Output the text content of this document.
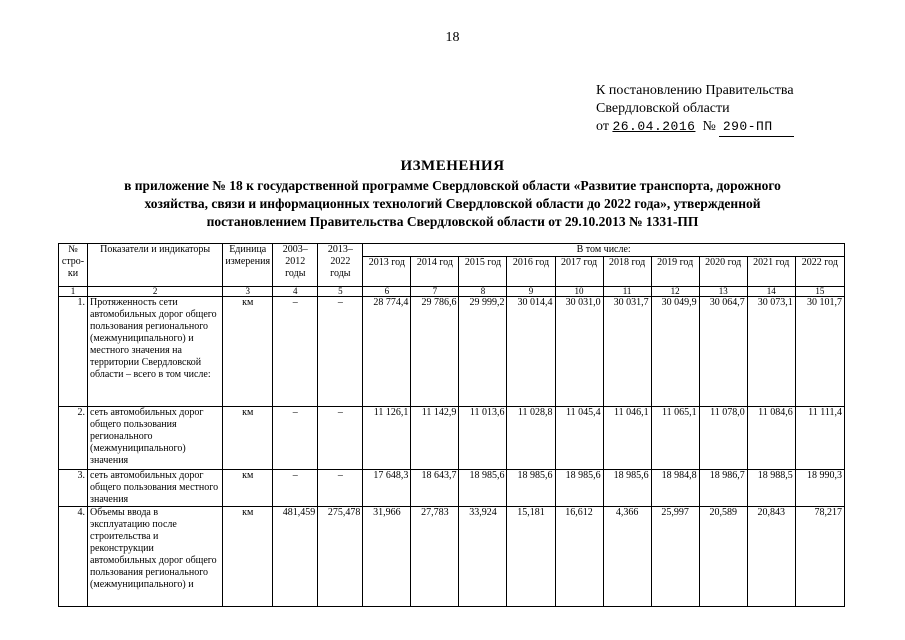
18
К постановлению Правительства
Свердловской области
от 26.04.2016 № 290-ПП
ИЗМЕНЕНИЯ
в приложение № 18 к государственной программе Свердловской области «Развитие транспорта, дорожного
хозяйства, связи и информационных технологий Свердловской области до 2022 года», утвержденной
постановлением Правительства Свердловской области от 29.10.2013 № 1331-ПП
№ стро-ки	Показатели и индикаторы	Единица измерения	2003–2012 годы	2013–2022 годы	В том числе:									
					2013 год	2014 год	2015 год	2016 год	2017 год	2018 год	2019 год	2020 год	2021 год	2022 год
1	2	3	4	5	6	7	8	9	10	11	12	13	14	15
1.	Протяженность сети автомобильных дорог общего пользования регионального (межмуниципального) и местного значения на территории Свердловской области – всего в том числе:	км	–	–	28 774,4	29 786,6	29 999,2	30 014,4	30 031,0	30 031,7	30 049,9	30 064,7	30 073,1	30 101,7
2.	сеть автомобильных дорог общего пользования регионального (межмуниципального) значения	км	–	–	11 126,1	11 142,9	11 013,6	11 028,8	11 045,4	11 046,1	11 065,1	11 078,0	11 084,6	11 111,4
3.	сеть автомобильных дорог общего пользования местного значения	км	–	–	17 648,3	18 643,7	18 985,6	18 985,6	18 985,6	18 985,6	18 984,8	18 986,7	18 988,5	18 990,3
4.	Объемы ввода в эксплуатацию после строительства и реконструкции автомобильных дорог общего пользования регионального (межмуниципального) и	км	481,459	275,478	31,966	27,783	33,924	15,181	16,612	4,366	25,997	20,589	20,843	78,217
